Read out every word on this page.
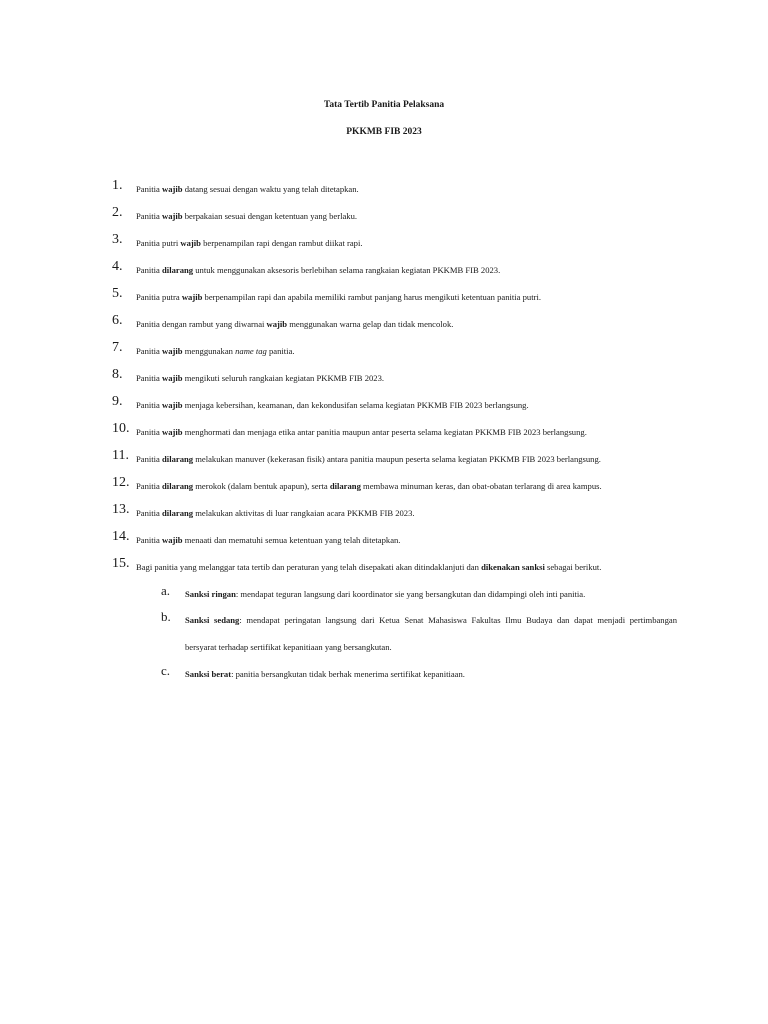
Tata Tertib Panitia Pelaksana
PKKMB FIB 2023
1. Panitia wajib datang sesuai dengan waktu yang telah ditetapkan.
2. Panitia wajib berpakaian sesuai dengan ketentuan yang berlaku.
3. Panitia putri wajib berpenampilan rapi dengan rambut diikat rapi.
4. Panitia dilarang untuk menggunakan aksesoris berlebihan selama rangkaian kegiatan PKKMB FIB 2023.
5. Panitia putra wajib berpenampilan rapi dan apabila memiliki rambut panjang harus mengikuti ketentuan panitia putri.
6. Panitia dengan rambut yang diwarnai wajib menggunakan warna gelap dan tidak mencolok.
7. Panitia wajib menggunakan name tag panitia.
8. Panitia wajib mengikuti seluruh rangkaian kegiatan PKKMB FIB 2023.
9. Panitia wajib menjaga kebersihan, keamanan, dan kekondusifan selama kegiatan PKKMB FIB 2023 berlangsung.
10. Panitia wajib menghormati dan menjaga etika antar panitia maupun antar peserta selama kegiatan PKKMB FIB 2023 berlangsung.
11. Panitia dilarang melakukan manuver (kekerasan fisik) antara panitia maupun peserta selama kegiatan PKKMB FIB 2023 berlangsung.
12. Panitia dilarang merokok (dalam bentuk apapun), serta dilarang membawa minuman keras, dan obat-obatan terlarang di area kampus.
13. Panitia dilarang melakukan aktivitas di luar rangkaian acara PKKMB FIB 2023.
14. Panitia wajib menaati dan mematuhi semua ketentuan yang telah ditetapkan.
15. Bagi panitia yang melanggar tata tertib dan peraturan yang telah disepakati akan ditindaklanjuti dan dikenakan sanksi sebagai berikut.
a. Sanksi ringan: mendapat teguran langsung dari koordinator sie yang bersangkutan dan didampingi oleh inti panitia.
b. Sanksi sedang: mendapat peringatan langsung dari Ketua Senat Mahasiswa Fakultas Ilmu Budaya dan dapat menjadi pertimbangan
bersyarat terhadap sertifikat kepanitiaan yang bersangkutan.
c. Sanksi berat: panitia bersangkutan tidak berhak menerima sertifikat kepanitiaan.
